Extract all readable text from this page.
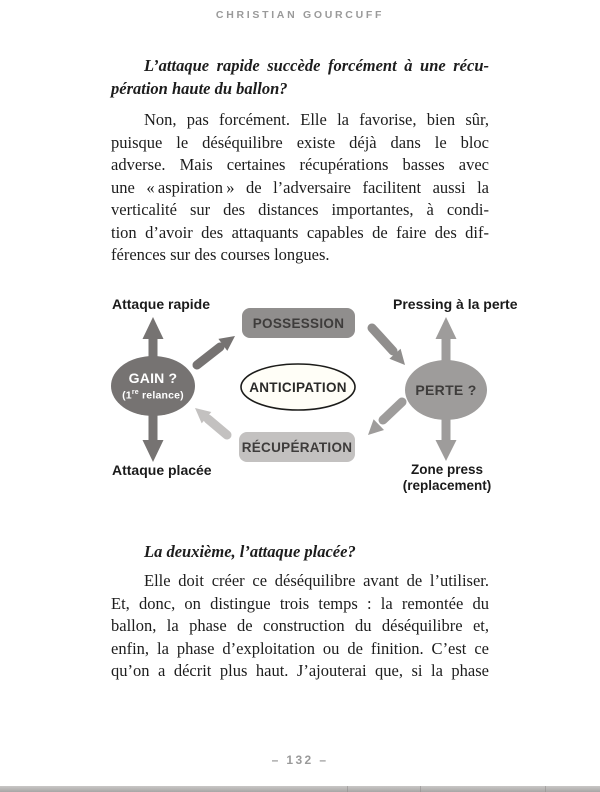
CHRISTIAN GOURCUFF
L’attaque rapide succède forcément à une récu-
pération haute du ballon?
Non, pas forcément. Elle la favorise, bien sûr,
puisque le déséquilibre existe déjà dans le bloc
adverse. Mais certaines récupérations basses avec
une « aspiration » de l’adversaire facilitent aussi la
verticalité sur des distances importantes, à condi-
tion d’avoir des attaquants capables de faire des dif-
férences sur des courses longues.
Attaque rapide	Pressing à la perte
Attaque placée	Zone press
(replacement)
POSSESSION
ANTICIPATION
RÉCUPÉRATION
GAIN ?
(1re relance)	PERTE ?
La deuxième, l’attaque placée?
Elle doit créer ce déséquilibre avant de l’utiliser.
Et, donc, on distingue trois temps : la remontée du
ballon, la phase de construction du déséquilibre et,
enfin, la phase d’exploitation ou de finition. C’est ce
qu’on a décrit plus haut. J’ajouterai que, si la phase
– 132 –
